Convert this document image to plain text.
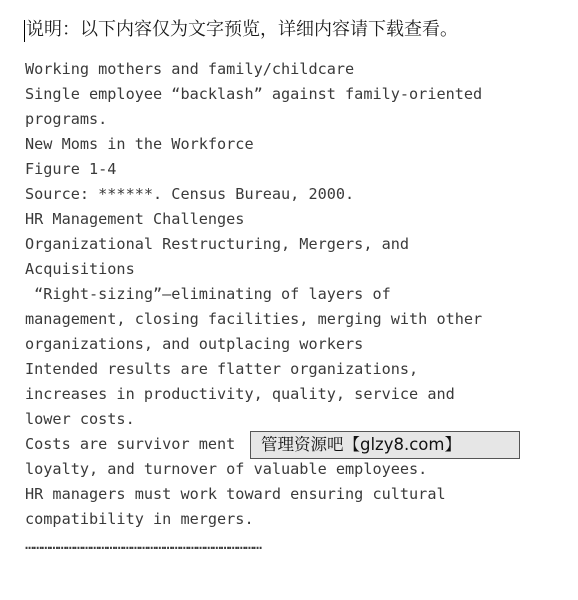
说明：以下内容仅为文字预览，详细内容请下载查看。
Working mothers and family/childcare
Single employee “backlash” against family-oriented
programs.
New Moms in the Workforce
Figure 1-4
Source: ******. Census Bureau, 2000.
HR Management Challenges
Organizational Restructuring, Mergers, and
Acquisitions
“Right-sizing”—eliminating of layers of
management, closing facilities, merging with other
organizations, and outplacing workers
Intended results are flatter organizations,
increases in productivity, quality, service and
lower costs.
Costs are survivor ment
loyalty, and turnover of valuable employees.
HR managers must work toward ensuring cultural
compatibility in mergers.
……………………………………………………………………………
管理资源吧【glzy8.com】
